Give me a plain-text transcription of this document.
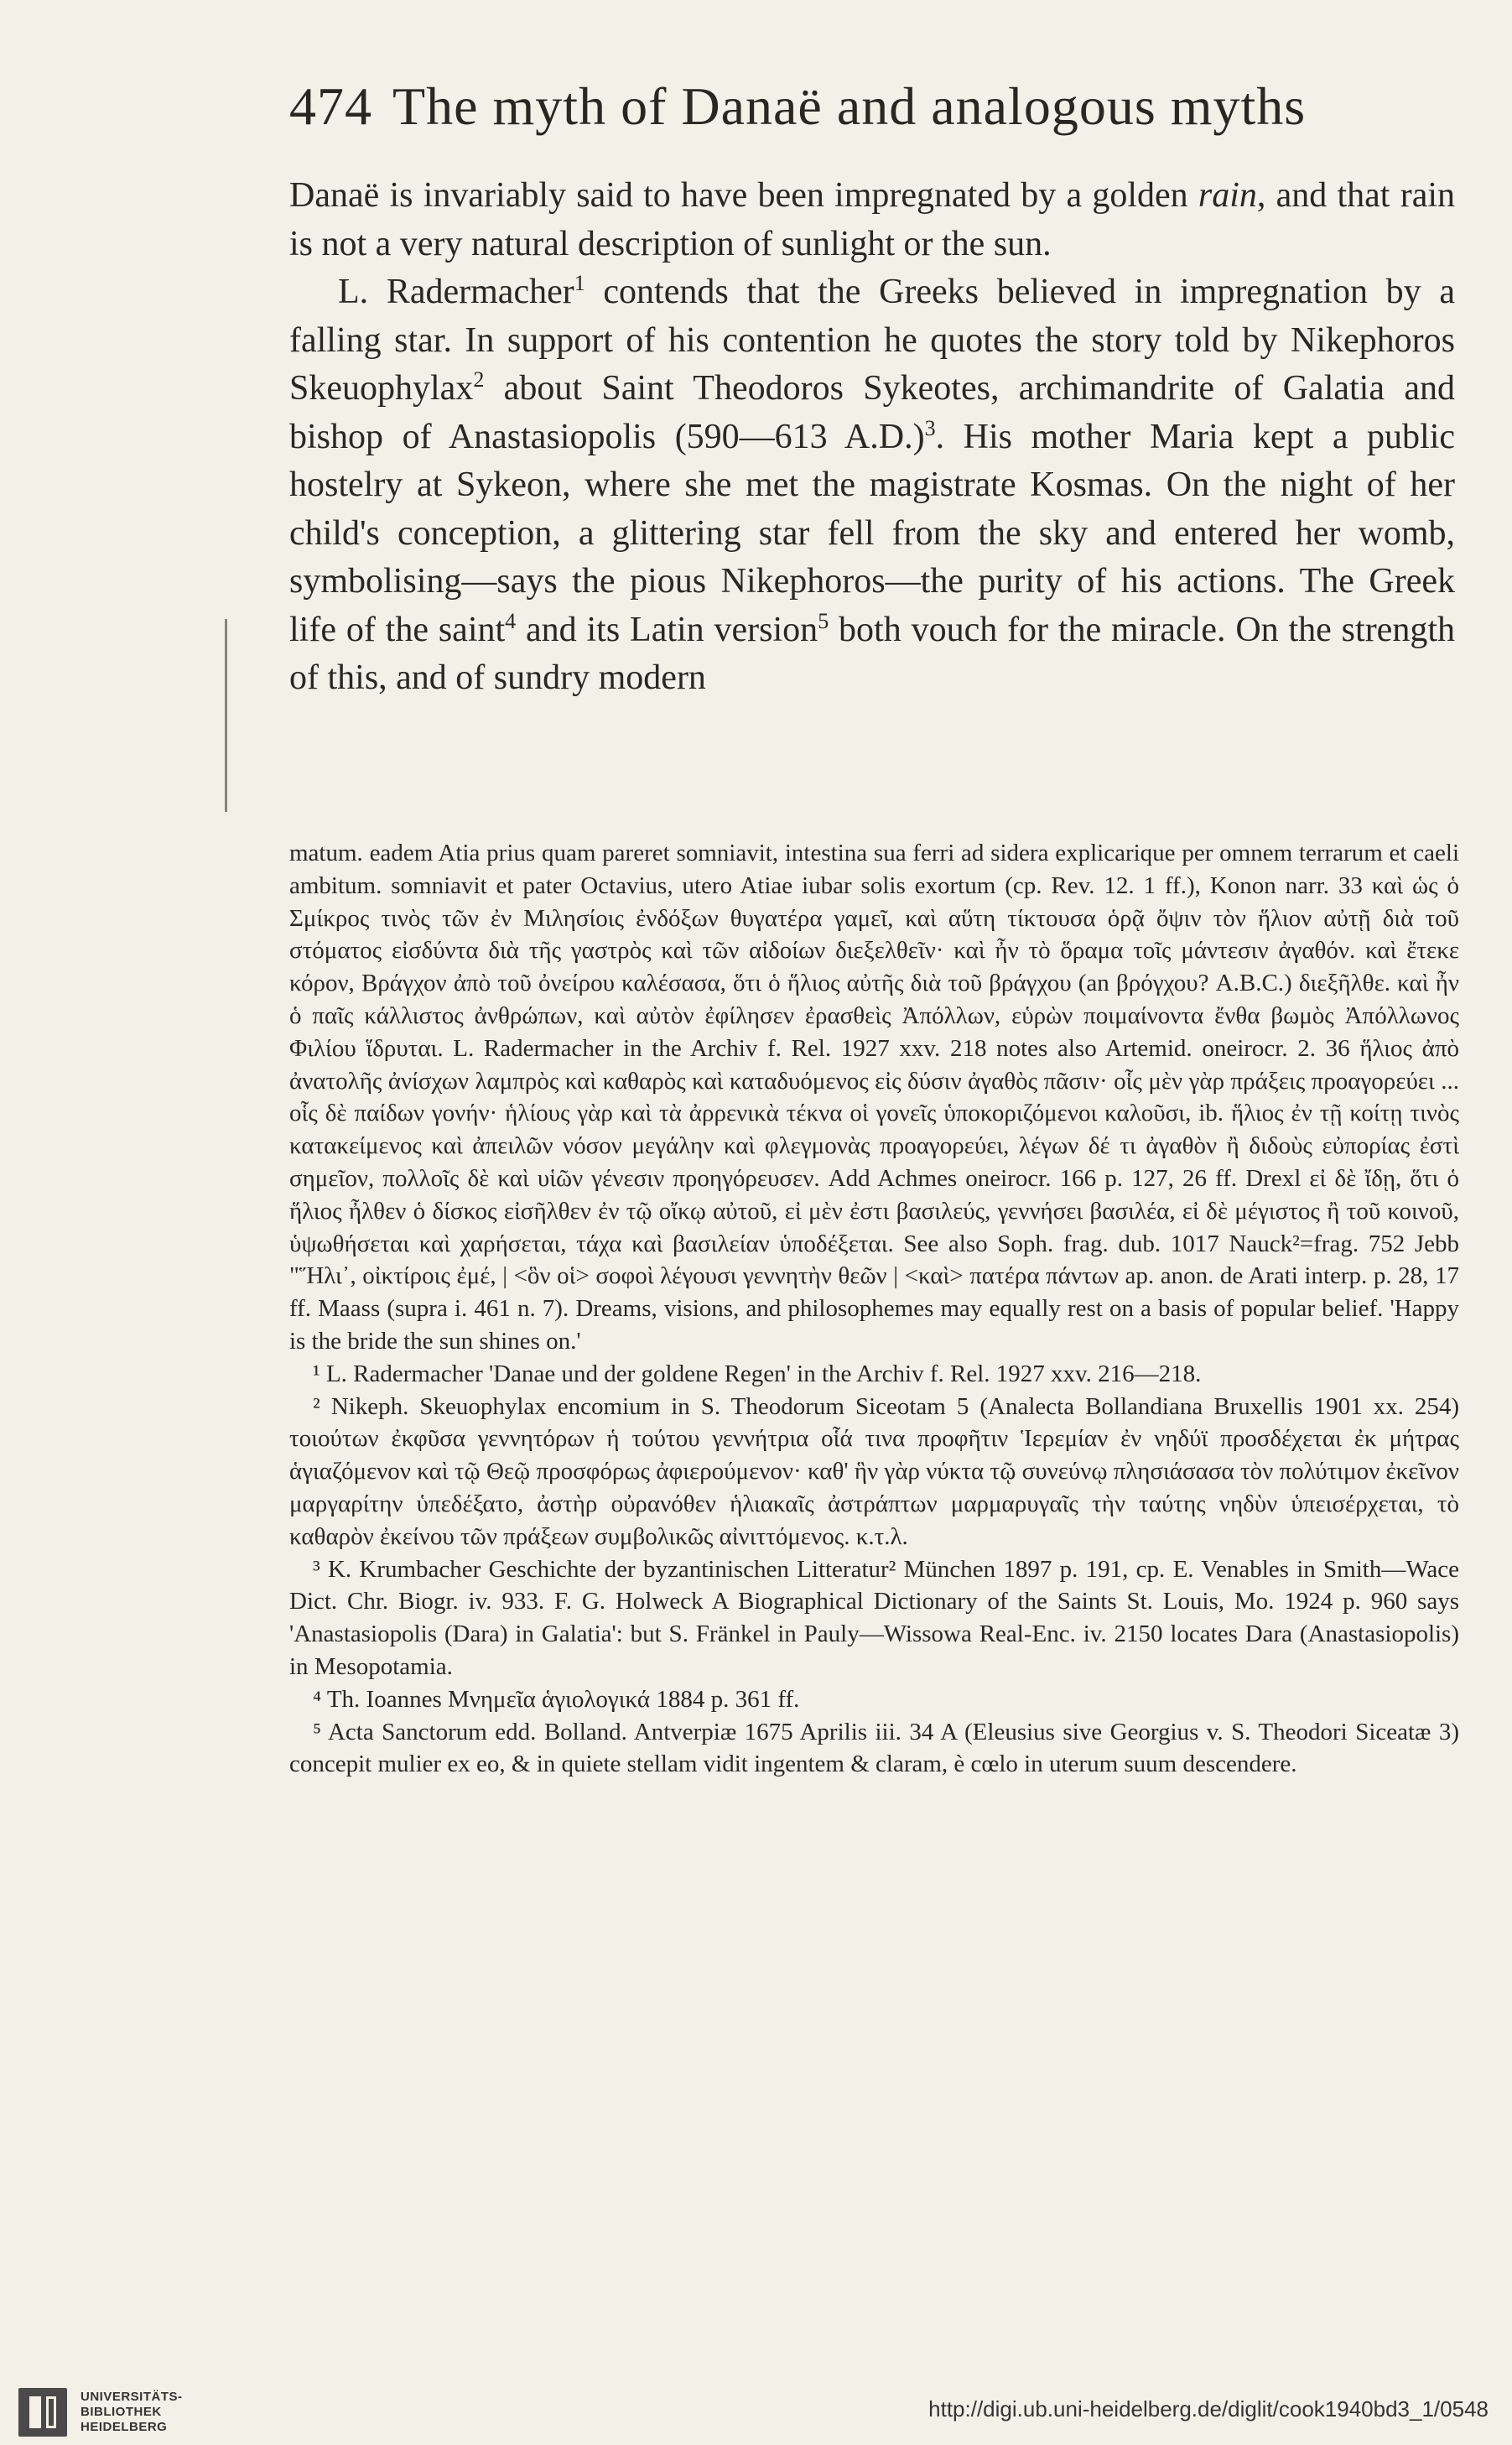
474 The myth of Danaë and analogous myths

Danaë is invariably said to have been impregnated by a golden rain, and that rain is not a very natural description of sunlight or the sun.

L. Radermacher$^1$ contends that the Greeks believed in impregnation by a falling star. In support of his contention he quotes the story told by Nikephoros Skeuophylax$^2$ about Saint Theodoros Sykeotes, archimandrite of Galatia and bishop of Anastasiopolis (590—613 A.D.)$^3$. His mother Maria kept a public hostelry at Sykeon, where she met the magistrate Kosmas. On the night of her child's conception, a glittering star fell from the sky and entered her womb, symbolising—says the pious Nikephoros—the purity of his actions. The Greek life of the saint$^4$ and its Latin version$^5$ both vouch for the miracle. On the strength of this, and of sundry modern

matum. eadem Atia prius quam pareret somniavit, intestina sua ferri ad sidera explicarique per omnem terrarum et caeli ambitum. somniavit et pater Octavius, utero Atiae iubar solis exortum (cp. Rev. 12. 1 ff.), Konon narr. 33 καὶ ὡς ὁ Σμίκρος τινὸς τῶν ἐν Μιλησίοις ἐνδόξων θυγατέρα γαμεῖ, καὶ αὕτη τίκτουσα ὁρᾷ ὄψιν τὸν ἥλιον αὐτῇ διὰ τοῦ στόματος εἰσδύντα διὰ τῆς γαστρὸς καὶ τῶν αἰδοίων διεξελθεῖν· καὶ ἦν τὸ ὅραμα τοῖς μάντεσιν ἀγαθόν. καὶ ἔτεκε κόρον, Βράγχον ἀπὸ τοῦ ὀνείρου καλέσασα, ὅτι ὁ ἥλιος αὐτῆς διὰ τοῦ βράγχου (an βρόγχου? A.B.C.) διεξῆλθε. καὶ ἦν ὁ παῖς κάλλιστος ἀνθρώπων, καὶ αὐτὸν ἐφίλησεν ἐρασθεὶς Ἀπόλλων, εὑρὼν ποιμαίνοντα ἔνθα βωμὸς Ἀπόλλωνος Φιλίου ἵδρυται. L. Radermacher in the Archiv f. Rel. 1927 xxv. 218 notes also Artemid. oneirocr. 2. 36 ἥλιος ἀπὸ ἀνατολῆς ἀνίσχων λαμπρὸς καὶ καθαρὸς καὶ καταδυόμενος εἰς δύσιν ἀγαθὸς πᾶσιν· οἷς μὲν γὰρ πράξεις προαγορεύει ... οἷς δὲ παίδων γονήν· ἡλίους γὰρ καὶ τὰ ἀρρενικὰ τέκνα οἱ γονεῖς ὑποκοριζόμενοι καλοῦσι, ib. ἥλιος ἐν τῇ κοίτῃ τινὸς κατακείμενος καὶ ἀπειλῶν νόσον μεγάλην καὶ φλεγμονὰς προαγορεύει, λέγων δέ τι ἀγαθὸν ἢ διδοὺς εὐπορίας ἐστὶ σημεῖον, πολλοῖς δὲ καὶ υἱῶν γένεσιν προηγόρευσεν. Add Achmes oneirocr. 166 p. 127, 26 ff. Drexl εἰ δὲ ἴδῃ, ὅτι ὁ ἥλιος ἦλθεν ὁ δίσκος εἰσῆλθεν ἐν τῷ οἴκῳ αὐτοῦ, εἰ μὲν ἐστι βασιλεύς, γεννήσει βασιλέα, εἰ δὲ μέγιστος ἢ τοῦ κοινοῦ, ὑψωθήσεται καὶ χαρήσεται, τάχα καὶ βασιλείαν ὑποδέξεται. See also Soph. frag. dub. 1017 Nauck²=frag. 752 Jebb "Ἥλι᾽, οἰκτίροις ἐμέ, | <ὃν οἱ> σοφοὶ λέγουσι γεννητὴν θεῶν | <καὶ> πατέρα πάντων ap. anon. de Arati interp. p. 28, 17 ff. Maass (supra i. 461 n. 7). Dreams, visions, and philosophemes may equally rest on a basis of popular belief. 'Happy is the bride the sun shines on.'

¹ L. Radermacher 'Danae und der goldene Regen' in the Archiv f. Rel. 1927 xxv. 216—218.

² Nikeph. Skeuophylax encomium in S. Theodorum Siceotam 5 (Analecta Bollandiana Bruxellis 1901 xx. 254) τοιούτων ἐκφῦσα γεννητόρων ἡ τούτου γεννήτρια οἷά τινα προφῆτιν Ἱερεμίαν ἐν νηδύϊ προσδέχεται ἐκ μήτρας ἁγιαζόμενον καὶ τῷ Θεῷ προσφόρως ἀφιερούμενον· καθ' ἣν γὰρ νύκτα τῷ συνεύνῳ πλησιάσασα τὸν πολύτιμον ἐκεῖνον μαργαρίτην ὑπεδέξατο, ἀστὴρ οὐρανόθεν ἡλιακαῖς ἀστράπτων μαρμαρυγαῖς τὴν ταύτης νηδὺν ὑπεισέρχεται, τὸ καθαρὸν ἐκείνου τῶν πράξεων συμβολικῶς αἰνιττόμενος. κ.τ.λ.

³ K. Krumbacher Geschichte der byzantinischen Litteratur² München 1897 p. 191, cp. E. Venables in Smith—Wace Dict. Chr. Biogr. iv. 933. F. G. Holweck A Biographical Dictionary of the Saints St. Louis, Mo. 1924 p. 960 says 'Anastasiopolis (Dara) in Galatia': but S. Fränkel in Pauly—Wissowa Real-Enc. iv. 2150 locates Dara (Anastasiopolis) in Mesopotamia.

⁴ Th. Ioannes Μνημεῖα ἁγιολογικά 1884 p. 361 ff.

⁵ Acta Sanctorum edd. Bolland. Antverpiæ 1675 Aprilis iii. 34 A (Eleusius sive Georgius v. S. Theodori Siceatæ 3) concepit mulier ex eo, & in quiete stellam vidit ingentem & claram, è cœlo in uterum suum descendere.

UNIVERSITÄTS-
BIBLIOTHEK
HEIDELBERG
http://digi.ub.uni-heidelberg.de/diglit/cook1940bd3_1/0548
